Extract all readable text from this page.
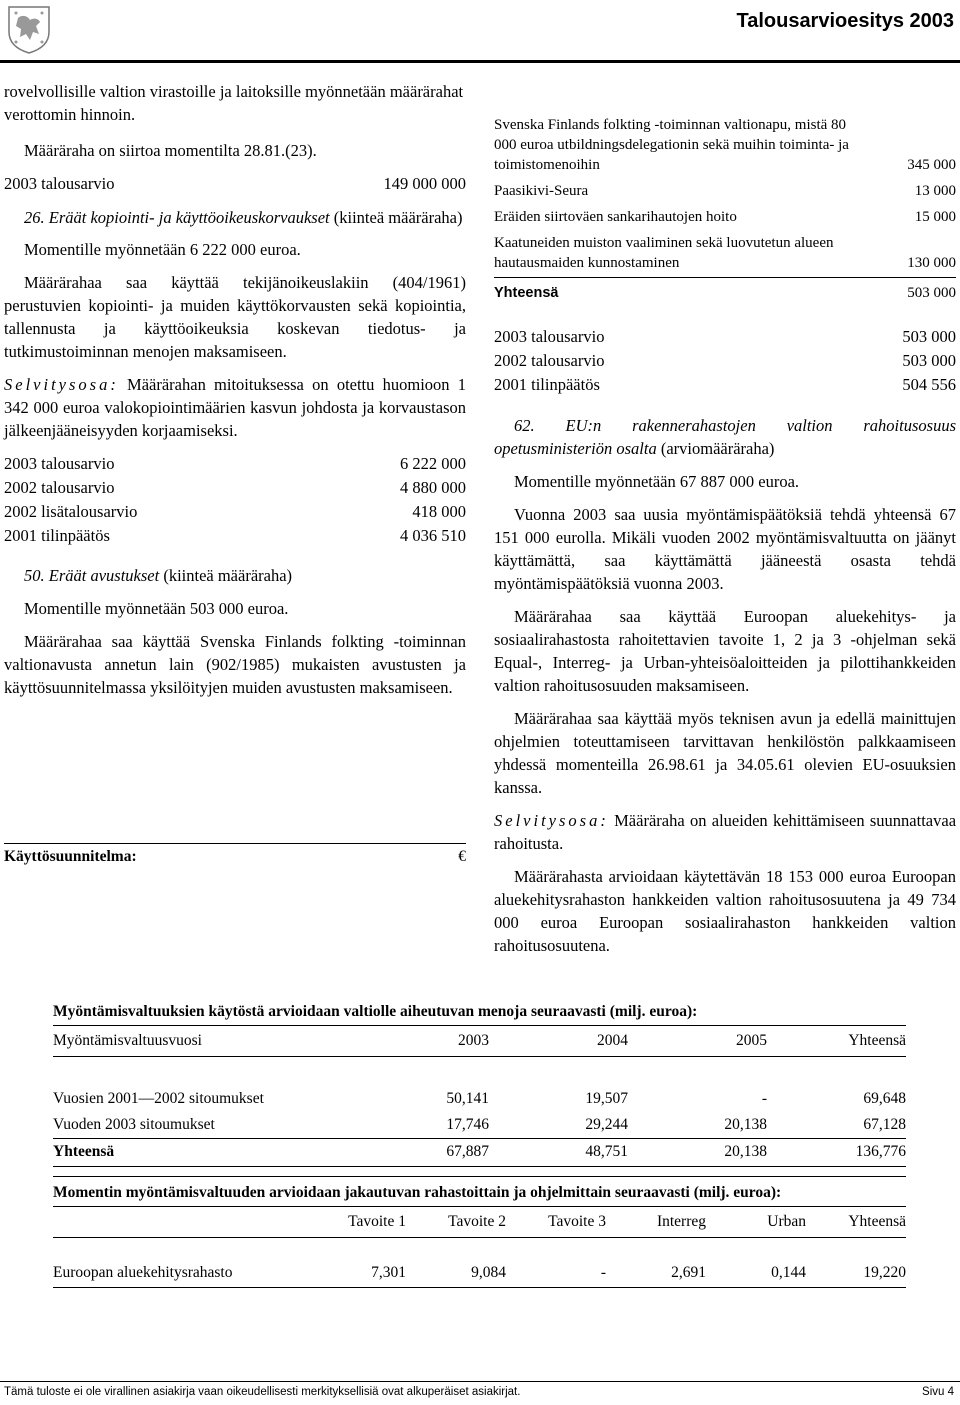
Talousarvioesitys 2003

rovelvollisille valtion virastoille ja laitoksille myönnetään määrärahat verottomin hinnoin.

Määräraha on siirtoa momentilta 28.81.(23).

2003 talousarvio	149 000 000

26. Eräät kopiointi- ja käyttöoikeuskorvaukset (kiinteä määräraha)

Momentille myönnetään 6 222 000 euroa.

Määrärahaa saa käyttää tekijänoikeuslakiin (404/1961) perustuvien kopiointi- ja muiden käyttökorvausten sekä kopiointia, tallennusta ja käyttöoikeuksia koskevan tiedotus- ja tutkimustoiminnan menojen maksamiseen.

Selvitysosa: Määrärahan mitoituksessa on otettu huomioon 1 342 000 euroa valokopiointimäärien kasvun johdosta ja korvaustason jälkeenjääneisyyden korjaamiseksi.

2003 talousarvio	6 222 000
2002 talousarvio	4 880 000
2002 lisätalousarvio	418 000
2001 tilinpäätös	4 036 510

50. Eräät avustukset (kiinteä määräraha)

Momentille myönnetään 503 000 euroa.

Määrärahaa saa käyttää Svenska Finlands folkting -toiminnan valtionavusta annetun lain (902/1985) mukaisten avustusten ja käyttösuunnitelmassa yksilöityjen muiden avustusten maksamiseen.

Käyttösuunnitelma:	€
Svenska Finlands folkting -toiminnan valtionapu, mistä 80 000 euroa utbildningsdelegationin sekä muihin toiminta- ja toimistomenoihin	345 000
Paasikivi-Seura	13 000
Eräiden siirtoväen sankarihautojen hoito	15 000
Kaatuneiden muiston vaaliminen sekä luovutetun alueen hautausmaiden kunnostaminen	130 000
Yhteensä	503 000
2003 talousarvio	503 000
2002 talousarvio	503 000
2001 tilinpäätös	504 556

62. EU:n rakennerahastojen valtion rahoitusosuus opetusministeriön osalta (arviomääräraha)

Momentille myönnetään 67 887 000 euroa.

Vuonna 2003 saa uusia myöntämispäätöksiä tehdä yhteensä 67 151 000 eurolla. Mikäli vuoden 2002 myöntämisvaltuutta on jäänyt käyttämättä, saa käyttämättä jääneestä osasta tehdä myöntämispäätöksiä vuonna 2003.

Määrärahaa saa käyttää Euroopan aluekehitys- ja sosiaalirahastosta rahoitettavien tavoite 1, 2 ja 3 -ohjelman sekä Equal-, Interreg- ja Urban-yhteisöaloitteiden ja pilottihankkeiden valtion rahoitusosuuden maksamiseen.

Määrärahaa saa käyttää myös teknisen avun ja edellä mainittujen ohjelmien toteuttamiseen tarvittavan henkilöstön palkkaamiseen yhdessä momenteilla 26.98.61 ja 34.05.61 olevien EU-osuuksien kanssa.

Selvitysosa: Määräraha on alueiden kehittämiseen suunnattavaa rahoitusta.

Määrärahasta arvioidaan käytettävän 18 153 000 euroa Euroopan aluekehitysrahaston hankkeiden valtion rahoitusosuutena ja 49 734 000 euroa Euroopan sosiaalirahaston hankkeiden valtion rahoitusosuutena.

Myöntämisvaltuuksien käytöstä arvioidaan valtiolle aiheutuvan menoja seuraavasti (milj. euroa):
Myöntämisvaltuusvuosi	2003	2004	2005	Yhteensä

Vuosien 2001—2002 sitoumukset	50,141	19,507	-	69,648
Vuoden 2003 sitoumukset	17,746	29,244	20,138	67,128
Yhteensä	67,887	48,751	20,138	136,776
Momentin myöntämisvaltuuden arvioidaan jakautuvan rahastoittain ja ohjelmittain seuraavasti (milj. euroa):
	Tavoite 1	Tavoite 2	Tavoite 3	Interreg	Urban	Yhteensä

Euroopan aluekehitysrahasto	7,301	9,084	-	2,691	0,144	19,220
Tämä tuloste ei ole virallinen asiakirja vaan oikeudellisesti merkityksellisiä ovat alkuperäiset asiakirjat.	Sivu 4
